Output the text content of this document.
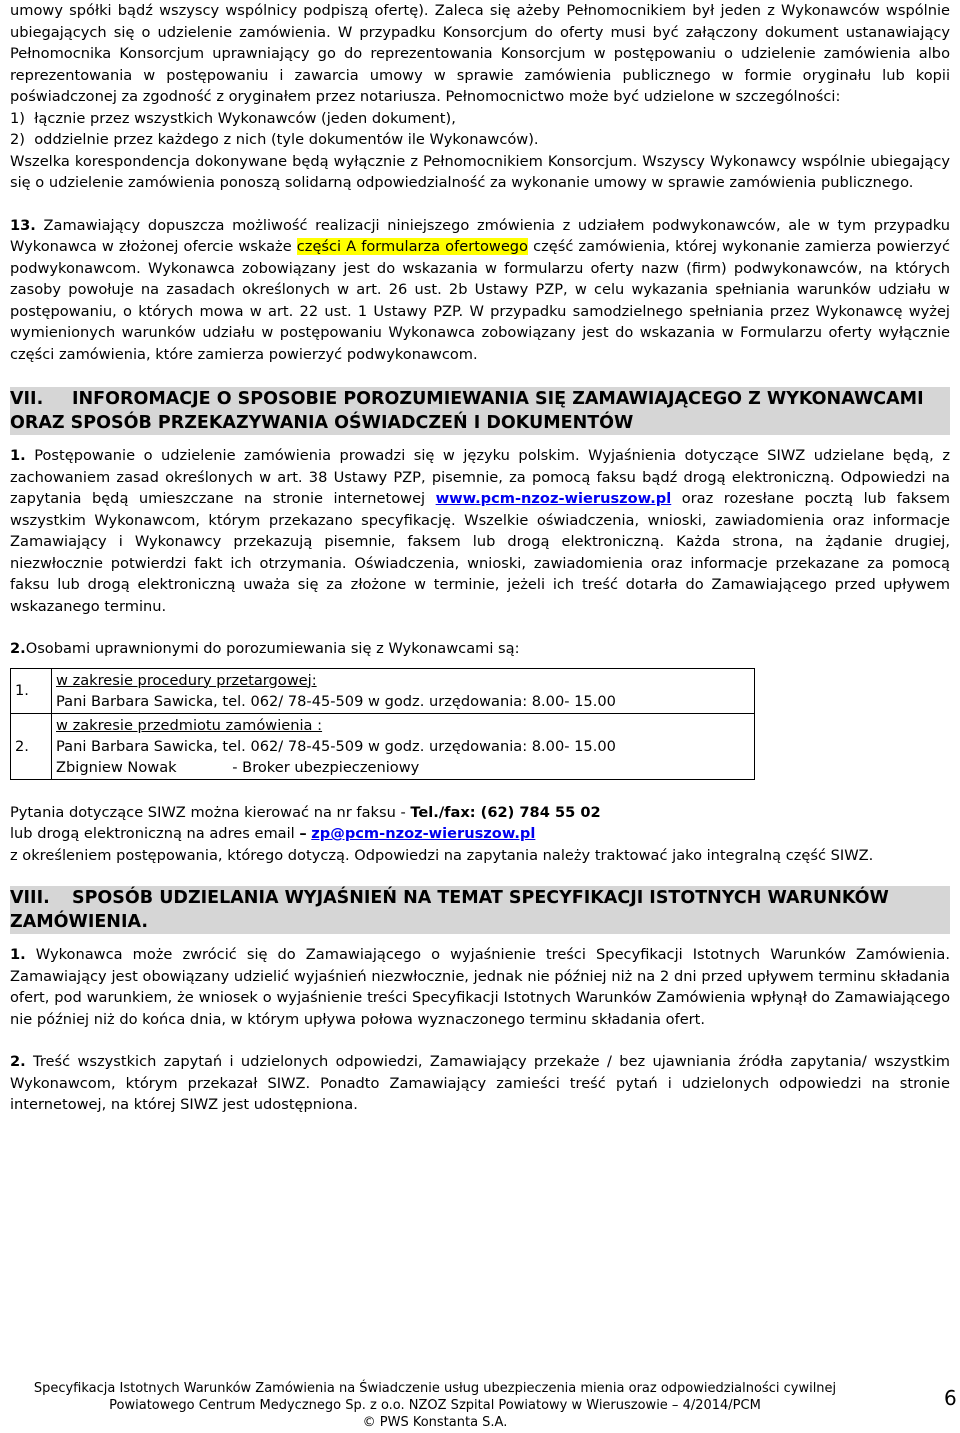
umowy spółki bądź wszyscy wspólnicy podpiszą ofertę). Zaleca się ażeby Pełnomocnikiem był jeden z Wykonawców wspólnie ubiegających się o udzielenie zamówienia. W przypadku Konsorcjum do oferty musi być załączony dokument ustanawiający Pełnomocnika Konsorcjum uprawniający go do reprezentowania Konsorcjum w postępowaniu o udzielenie zamówienia albo reprezentowania w postępowaniu i zawarcia umowy w sprawie zamówienia publicznego w formie oryginału lub kopii poświadczonej za zgodność z oryginałem przez notariusza. Pełnomocnictwo może być udzielone w szczególności:

1)  łącznie przez wszystkich Wykonawców (jeden dokument),

2)  oddzielnie przez każdego z nich (tyle dokumentów ile Wykonawców).

Wszelka korespondencja dokonywane będą wyłącznie z Pełnomocnikiem Konsorcjum. Wszyscy Wykonawcy wspólnie ubiegający się o udzielenie zamówienia ponoszą solidarną odpowiedzialność za wykonanie umowy w sprawie zamówienia publicznego.

13. Zamawiający dopuszcza możliwość realizacji niniejszego zmówienia z udziałem podwykonawców, ale w tym przypadku Wykonawca w złożonej ofercie wskaże części A formularza ofertowego część zamówienia, której wykonanie zamierza powierzyć podwykonawcom. Wykonawca zobowiązany jest do wskazania w formularzu oferty nazw (firm) podwykonawców, na których zasoby powołuje na zasadach określonych w art. 26 ust. 2b Ustawy PZP, w celu wykazania spełniania warunków udziału w postępowaniu, o których mowa w art. 22 ust. 1 Ustawy PZP. W przypadku samodzielnego spełniania przez Wykonawcę wyżej wymienionych warunków udziału w postępowaniu Wykonawca zobowiązany jest do wskazania w Formularzu oferty wyłącznie części zamówienia, które zamierza powierzyć podwykonawcom.

VII. INFOROMACJE O SPOSOBIE POROZUMIEWANIA SIĘ ZAMAWIAJĄCEGO Z WYKONAWCAMI ORAZ SPOSÓB PRZEKAZYWANIA OŚWIADCZEŃ I DOKUMENTÓW

1. Postępowanie o udzielenie zamówienia prowadzi się w języku polskim. Wyjaśnienia dotyczące SIWZ udzielane będą, z zachowaniem zasad określonych w art. 38 Ustawy PZP, pisemnie, za pomocą faksu bądź drogą elektroniczną. Odpowiedzi na zapytania będą umieszczane na stronie internetowej www.pcm-nzoz-wieruszow.pl oraz rozesłane pocztą lub faksem wszystkim Wykonawcom, którym przekazano specyfikację. Wszelkie oświadczenia, wnioski, zawiadomienia oraz informacje Zamawiający i Wykonawcy przekazują pisemnie, faksem lub drogą elektroniczną. Każda strona, na żądanie drugiej, niezwłocznie potwierdzi fakt ich otrzymania. Oświadczenia, wnioski, zawiadomienia oraz informacje przekazane za pomocą faksu lub drogą elektroniczną uważa się za złożone w terminie, jeżeli ich treść dotarła do Zamawiającego przed upływem wskazanego terminu.

2.Osobami uprawnionymi do porozumiewania się z Wykonawcami są:

1.	w zakresie procedury przetargowej:
Pani Barbara Sawicka, tel. 062/ 78-45-509 w godz. urzędowania: 8.00- 15.00

2.	w zakresie przedmiotu zamówienia :
Pani Barbara Sawicka, tel. 062/ 78-45-509 w godz. urzędowania: 8.00- 15.00
Zbigniew Nowak            - Broker ubezpieczeniowy

Pytania dotyczące SIWZ można kierować na nr faksu - Tel./fax: (62) 784 55 02

lub drogą elektroniczną na adres email – zp@pcm-nzoz-wieruszow.pl

z określeniem postępowania, którego dotyczą. Odpowiedzi na zapytania należy traktować jako integralną część SIWZ.

VIII. SPOSÓB UDZIELANIA WYJAŚNIEŃ NA TEMAT SPECYFIKACJI ISTOTNYCH WARUNKÓW ZAMÓWIENIA.

1. Wykonawca może zwrócić się do Zamawiającego o wyjaśnienie treści Specyfikacji Istotnych Warunków Zamówienia. Zamawiający jest obowiązany udzielić wyjaśnień niezwłocznie, jednak nie później niż na 2 dni przed upływem terminu składania ofert, pod warunkiem, że wniosek o wyjaśnienie treści Specyfikacji Istotnych Warunków Zamówienia wpłynął do Zamawiającego nie później niż do końca dnia, w którym upływa połowa wyznaczonego terminu składania ofert.

2. Treść wszystkich zapytań i udzielonych odpowiedzi, Zamawiający przekaże / bez ujawniania źródła zapytania/ wszystkim Wykonawcom, którym przekazał SIWZ. Ponadto Zamawiający zamieści treść pytań i udzielonych odpowiedzi na stronie internetowej, na której SIWZ jest udostępniona.

Specyfikacja Istotnych Warunków Zamówienia na Świadczenie usług ubezpieczenia mienia oraz odpowiedzialności cywilnej
Powiatowego Centrum Medycznego Sp. z o.o. NZOZ Szpital Powiatowy w Wieruszowie – 4/2014/PCM
© PWS Konstanta S.A.
6
